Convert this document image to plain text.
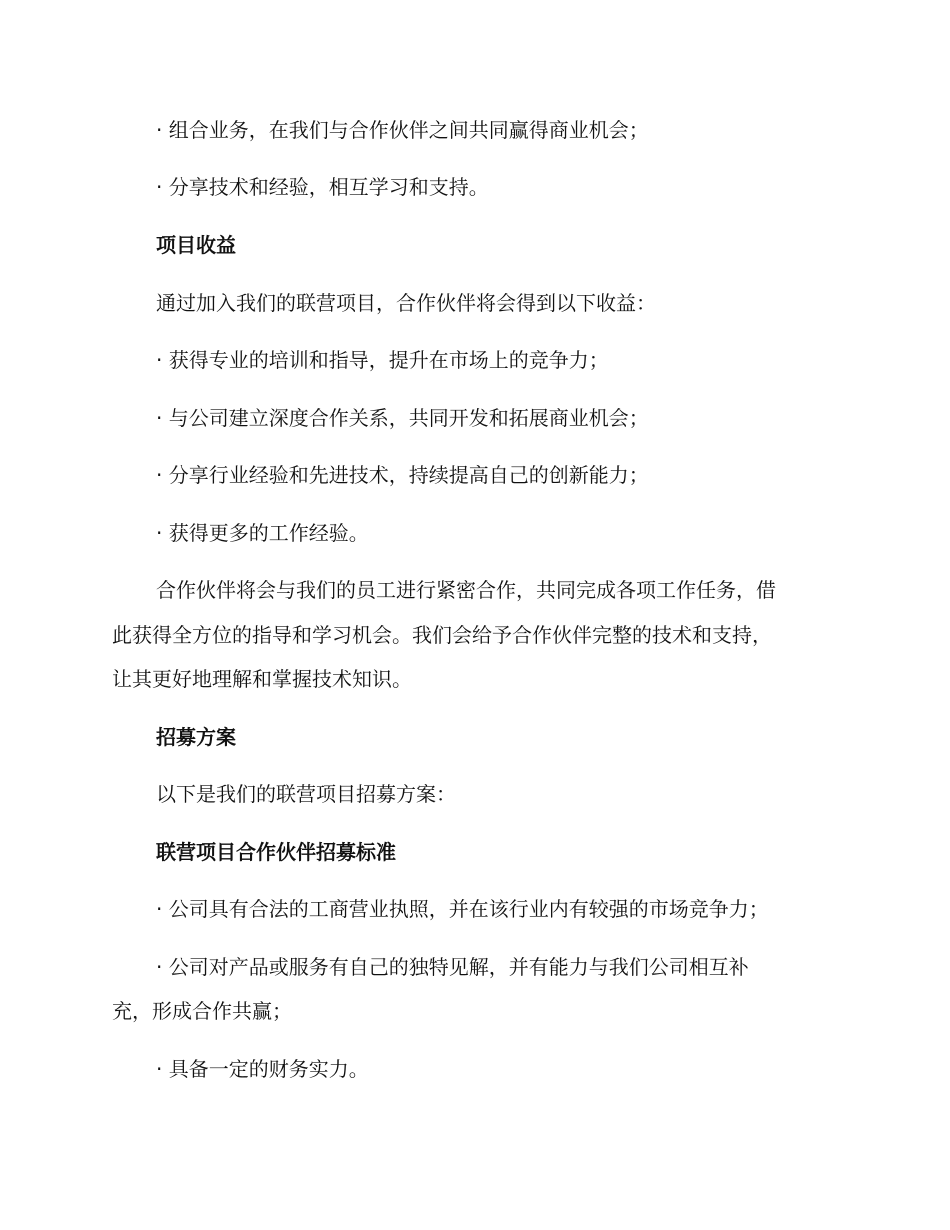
· 组合业务，在我们与合作伙伴之间共同赢得商业机会；
· 分享技术和经验，相互学习和支持。
项目收益
通过加入我们的联营项目，合作伙伴将会得到以下收益：
· 获得专业的培训和指导，提升在市场上的竞争力；
· 与公司建立深度合作关系，共同开发和拓展商业机会；
· 分享行业经验和先进技术，持续提高自己的创新能力；
· 获得更多的工作经验。
合作伙伴将会与我们的员工进行紧密合作，共同完成各项工作任务，借
此获得全方位的指导和学习机会。我们会给予合作伙伴完整的技术和支持，
让其更好地理解和掌握技术知识。
招募方案
以下是我们的联营项目招募方案：
联营项目合作伙伴招募标准
· 公司具有合法的工商营业执照，并在该行业内有较强的市场竞争力；
· 公司对产品或服务有自己的独特见解，并有能力与我们公司相互补
充，形成合作共赢；
· 具备一定的财务实力。
